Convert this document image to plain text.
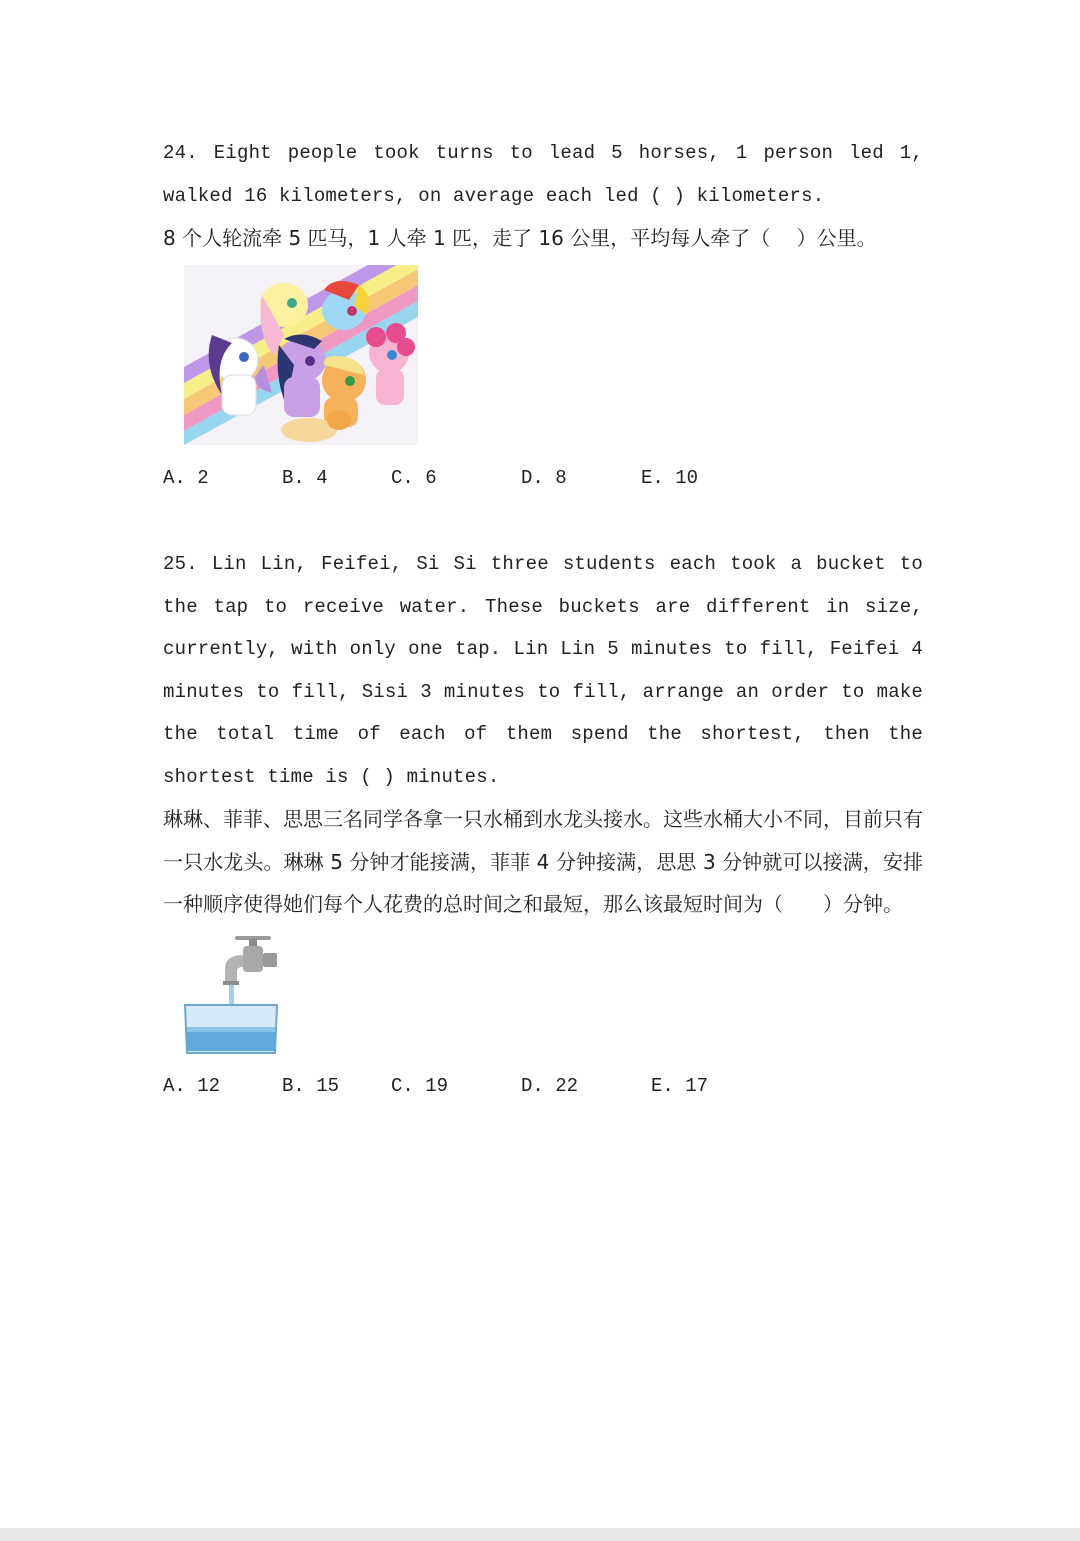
24. Eight people took turns to lead 5 horses, 1 person led 1, walked 16 kilometers, on average each led ( ) kilometers.

8 个人轮流牵 5 匹马，1 人牵 1 匹，走了 16 公里，平均每人牵了（　 ）公里。

A. 2	B. 4	C. 6	D. 8	E. 10

25. Lin Lin, Feifei, Si Si three students each took a bucket to the tap to receive water. These buckets are different in size, currently, with only one tap. Lin Lin 5 minutes to fill, Feifei 4 minutes to fill, Sisi 3 minutes to fill, arrange an order to make the total time of each of them spend the shortest, then the shortest time is ( ) minutes.

琳琳、菲菲、思思三名同学各拿一只水桶到水龙头接水。这些水桶大小不同，目前只有一只水龙头。琳琳 5 分钟才能接满，菲菲 4 分钟接满，思思 3 分钟就可以接满，安排一种顺序使得她们每个人花费的总时间之和最短，那么该最短时间为（　　）分钟。

A. 12	B. 15	C. 19	D. 22	E. 17
